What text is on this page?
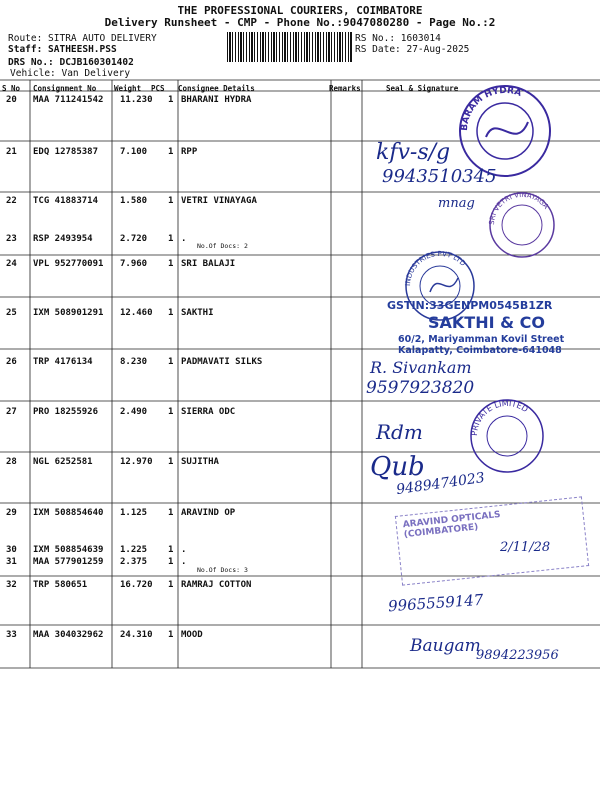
THE PROFESSIONAL COURIERS, COIMBATORE
Delivery Runsheet - CMP - Phone No.:9047080280 - Page No.:2
Route: SITRA AUTO DELIVERY
Staff: SATHEESH.PSS
DRS No.: DCJB160301402
Vehicle: Van Delivery
RS No.: 1603014
RS Date: 27-Aug-2025
S No Consignment No Weight PCS Consignee Details	Remarks	Seal & Signature
20 MAA 711241542 11.230 1 BHARANI HYDRA
21 EDQ 12785387 7.100 1 RPP
22 TCG 41883714 1.580 1 VETRI VINAYAGA
23 RSP 2493954	2.720 1 .
24 VPL 952770091 7.960 1 SRI BALAJI
25 IXM 508901291 12.460 1 SAKTHI
26 TRP 4176134	8.230 1 PADMAVATI SILKS
27 PRO 18255926 2.490 1 SIERRA ODC
28 NGL 6252581	12.970 1 SUJITHA
29 IXM 508854640 1.125 1 ARAVIND OP
30 IXM 508854639 1.225 1 .
31 MAA 577901259 2.375 1 .
32 TRP 580651	16.720 1 RAMRAJ COTTON
33 MAA 304032962 24.310 1 MOOD
No.Of Docs: 2
No.Of Docs: 3
BARAM HYDRA
kfv-s/g
9943510345
mnag
SRI VETRI VINAYAGA
INDUSTRIES PVT LTD
GSTIN:33GENPM0545B1ZR
SAKTHI & CO
60/2, Mariyamman Kovil Street
Kalapatty, Coimbatore-641048
R. Sivankam
9597923820
PRIVATE LIMITED
Rdm
Qub
9489474023
ARAVIND OPTICALS (COIMBATORE)
2/11/28
9965559147
Baugam
9894223956
